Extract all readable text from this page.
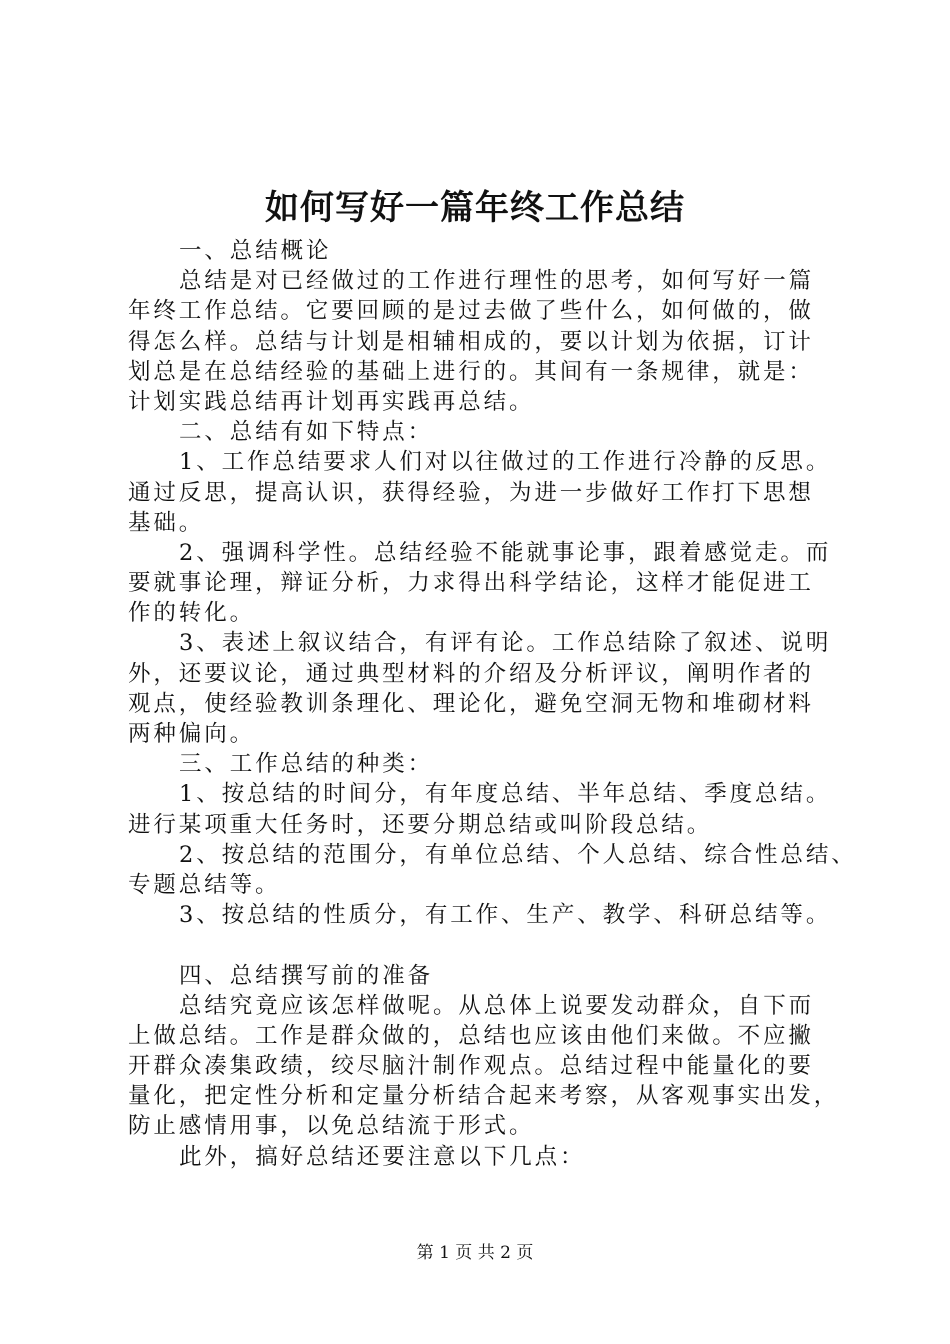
如何写好一篇年终工作总结
一、总结概论
总结是对已经做过的工作进行理性的思考，如何写好一篇
年终工作总结。它要回顾的是过去做了些什么，如何做的，做
得怎么样。总结与计划是相辅相成的，要以计划为依据，订计
划总是在总结经验的基础上进行的。其间有一条规律，就是：
计划实践总结再计划再实践再总结。
二、总结有如下特点：
1、工作总结要求人们对以往做过的工作进行冷静的反思。
通过反思，提高认识，获得经验，为进一步做好工作打下思想
基础。
2、强调科学性。总结经验不能就事论事，跟着感觉走。而
要就事论理，辩证分析，力求得出科学结论，这样才能促进工
作的转化。
3、表述上叙议结合，有评有论。工作总结除了叙述、说明
外，还要议论，通过典型材料的介绍及分析评议，阐明作者的
观点，使经验教训条理化、理论化，避免空洞无物和堆砌材料
两种偏向。
三、工作总结的种类：
1、按总结的时间分，有年度总结、半年总结、季度总结。
进行某项重大任务时，还要分期总结或叫阶段总结。
2、按总结的范围分，有单位总结、个人总结、综合性总结、
专题总结等。
3、按总结的性质分，有工作、生产、教学、科研总结等。
四、总结撰写前的准备
总结究竟应该怎样做呢。从总体上说要发动群众，自下而
上做总结。工作是群众做的，总结也应该由他们来做。不应撇
开群众凑集政绩，绞尽脑汁制作观点。总结过程中能量化的要
量化，把定性分析和定量分析结合起来考察，从客观事实出发，
防止感情用事，以免总结流于形式。
此外，搞好总结还要注意以下几点：
第 1 页 共 2 页
